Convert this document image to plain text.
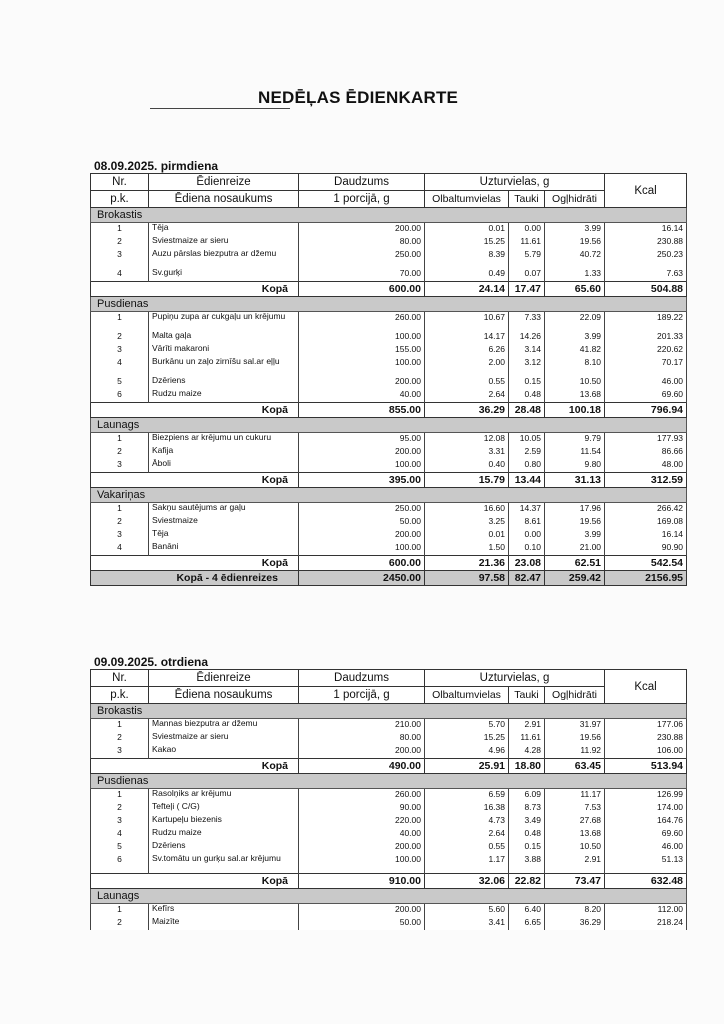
NEDĒĻAS ĒDIENKARTE
08.09.2025. pirmdiena
Nr.	Ēdienreize	Daudzums	Uzturvielas, g			Kcal
p.k.	Ēdiena nosaukums	1 porcijā, g	Olbaltumvielas	Tauki	Ogļhidrāti	
Brokastis						
1	Tēja	200.00	0.01	0.00	3.99	16.14
2	Sviestmaize ar sieru	80.00	15.25	11.61	19.56	230.88
3	Auzu pārslas biezputra ar džemu	250.00	8.39	5.79	40.72	250.23
4	Sv.gurķi	70.00	0.49	0.07	1.33	7.63
Kopā		600.00	24.14	17.47	65.60	504.88
Pusdienas						
1	Pupiņu zupa ar cukgaļu un krējumu	260.00	10.67	7.33	22.09	189.22
2	Malta gaļa	100.00	14.17	14.26	3.99	201.33
3	Vārīti makaroni	155.00	6.26	3.14	41.82	220.62
4	Burkānu un zaļo zirnīšu sal.ar eļļu	100.00	2.00	3.12	8.10	70.17
5	Dzēriens	200.00	0.55	0.15	10.50	46.00
6	Rudzu maize	40.00	2.64	0.48	13.68	69.60
Kopā		855.00	36.29	28.48	100.18	796.94
Launags						
1	Biezpiens ar krējumu un cukuru	95.00	12.08	10.05	9.79	177.93
2	Kafija	200.00	3.31	2.59	11.54	86.66
3	Āboli	100.00	0.40	0.80	9.80	48.00
Kopā		395.00	15.79	13.44	31.13	312.59
Vakariņas						
1	Sakņu sautējums ar gaļu	250.00	16.60	14.37	17.96	266.42
2	Sviestmaize	50.00	3.25	8.61	19.56	169.08
3	Tēja	200.00	0.01	0.00	3.99	16.14
4	Banāni	100.00	1.50	0.10	21.00	90.90
Kopā		600.00	21.36	23.08	62.51	542.54
Kopā - 4 ēdienreizes		2450.00	97.58	82.47	259.42	2156.95
09.09.2025. otrdiena
Nr.	Ēdienreize	Daudzums	Uzturvielas, g			Kcal
p.k.	Ēdiena nosaukums	1 porcijā, g	Olbaltumvielas	Tauki	Ogļhidrāti	
Brokastis						
1	Mannas biezputra ar džemu	210.00	5.70	2.91	31.97	177.06
2	Sviestmaize ar sieru	80.00	15.25	11.61	19.56	230.88
3	Kakao	200.00	4.96	4.28	11.92	106.00
Kopā		490.00	25.91	18.80	63.45	513.94
Pusdienas						
1	Rasolņiks ar krējumu	260.00	6.59	6.09	11.17	126.99
2	Tefteļi ( C/G)	90.00	16.38	8.73	7.53	174.00
3	Kartupeļu biezenis	220.00	4.73	3.49	27.68	164.76
4	Rudzu maize	40.00	2.64	0.48	13.68	69.60
5	Dzēriens	200.00	0.55	0.15	10.50	46.00
6	Sv.tomātu un gurķu sal.ar krējumu	100.00	1.17	3.88	2.91	51.13
Kopā		910.00	32.06	22.82	73.47	632.48
Launags						
1	Kefīrs	200.00	5.60	6.40	8.20	112.00
2	Maizīte	50.00	3.41	6.65	36.29	218.24
